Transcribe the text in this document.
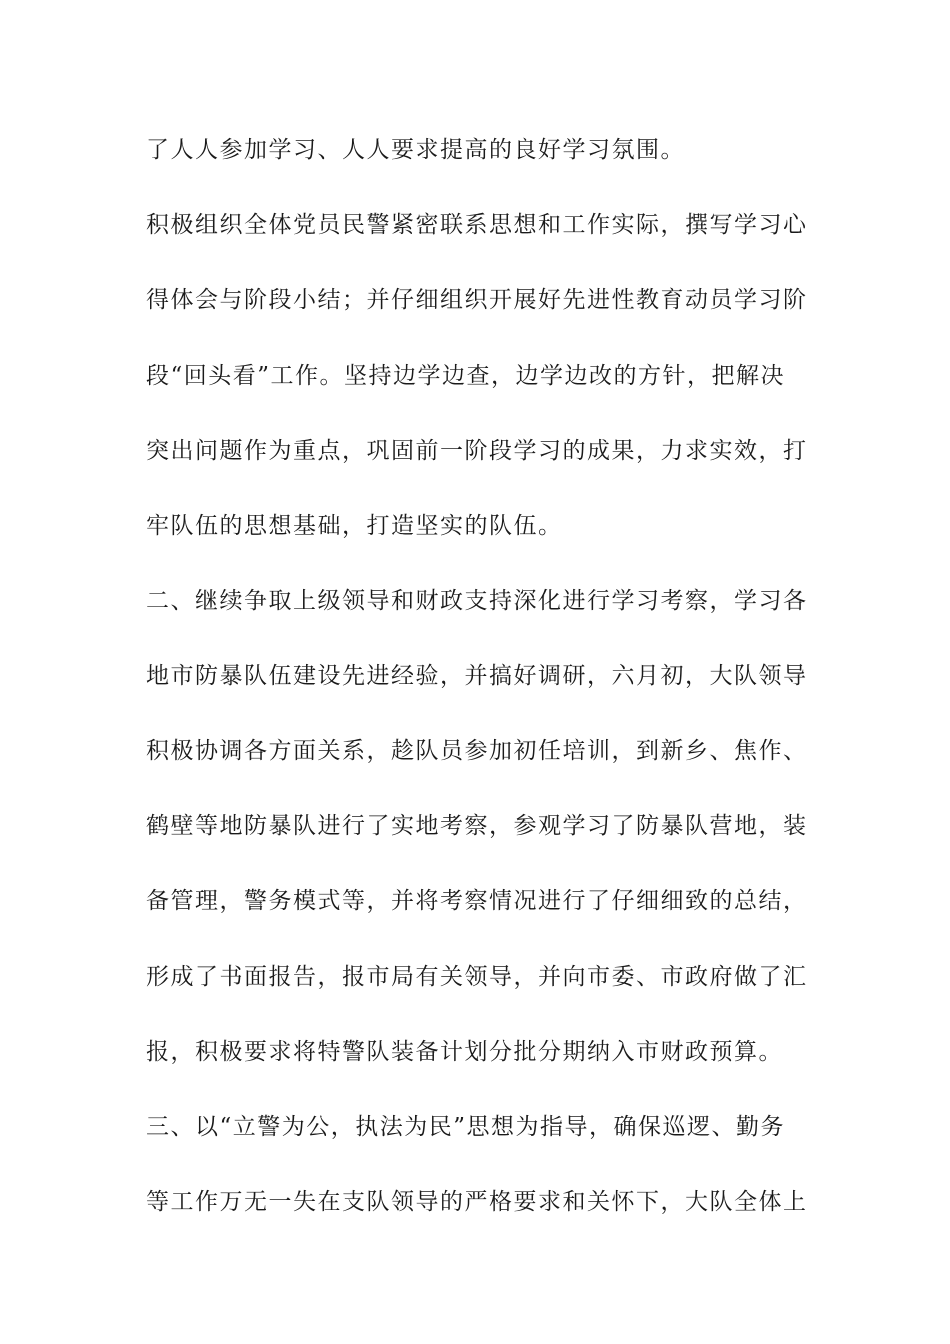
了人人参加学习、人人要求提高的良好学习氛围。
积极组织全体党员民警紧密联系思想和工作实际，撰写学习心
得体会与阶段小结；并仔细组织开展好先进性教育动员学习阶
段“回头看”工作。坚持边学边查，边学边改的方针，把解决
突出问题作为重点，巩固前一阶段学习的成果，力求实效，打
牢队伍的思想基础，打造坚实的队伍。
二、继续争取上级领导和财政支持深化进行学习考察，学习各
地市防暴队伍建设先进经验，并搞好调研，六月初，大队领导
积极协调各方面关系，趁队员参加初任培训，到新乡、焦作、
鹤壁等地防暴队进行了实地考察，参观学习了防暴队营地，装
备管理，警务模式等，并将考察情况进行了仔细细致的总结，
形成了书面报告，报市局有关领导，并向市委、市政府做了汇
报，积极要求将特警队装备计划分批分期纳入市财政预算。
三、以“立警为公，执法为民”思想为指导，确保巡逻、勤务
等工作万无一失在支队领导的严格要求和关怀下，大队全体上
